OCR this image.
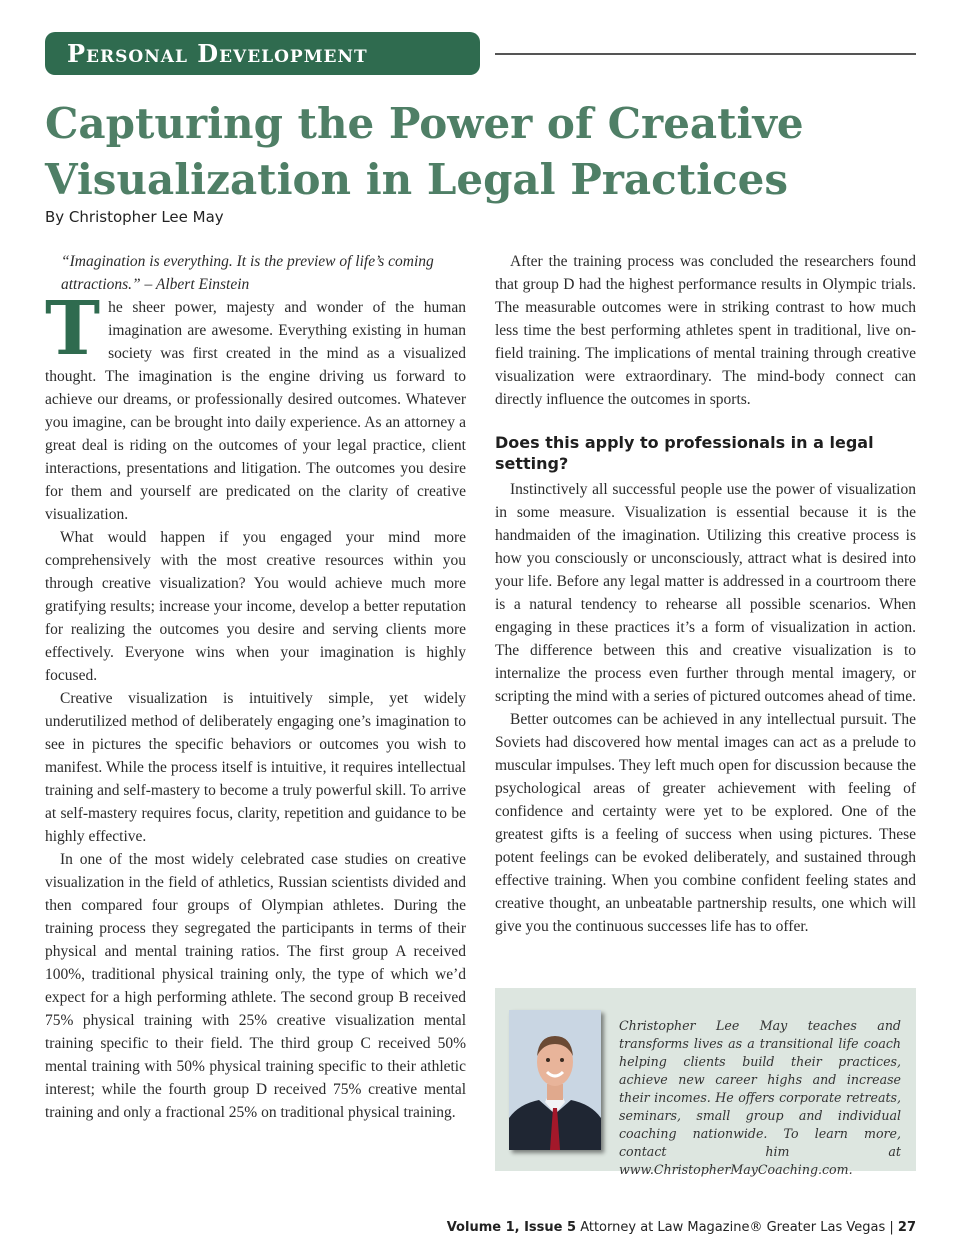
Personal Development
Capturing the Power of Creative Visualization in Legal Practices
By Christopher Lee May

“Imagination is everything. It is the preview of life’s coming attractions.” – Albert Einstein

The sheer power, majesty and wonder of the human imagination are awesome. Everything existing in human society was first created in the mind as a visualized thought. The imagination is the engine driving us forward to achieve our dreams, or professionally desired outcomes. Whatever you imagine, can be brought into daily experience. As an attorney a great deal is riding on the outcomes of your legal practice, client interactions, presentations and litigation. The outcomes you desire for them and yourself are predicated on the clarity of creative visualization.

What would happen if you engaged your mind more comprehensively with the most creative resources within you through creative visualization? You would achieve much more gratifying results; increase your income, develop a better reputation for realizing the outcomes you desire and serving clients more effectively. Everyone wins when your imagination is highly focused.

Creative visualization is intuitively simple, yet widely underutilized method of deliberately engaging one’s imagination to see in pictures the specific behaviors or outcomes you wish to manifest. While the process itself is intuitive, it requires intellectual training and self-mastery to become a truly powerful skill. To arrive at self-mastery requires focus, clarity, repetition and guidance to be highly effective.

In one of the most widely celebrated case studies on creative visualization in the field of athletics, Russian scientists divided and then compared four groups of Olympian athletes. During the training process they segregated the participants in terms of their physical and mental training ratios. The first group A received 100%, traditional physical training only, the type of which we’d expect for a high performing athlete. The second group B received 75% physical training with 25% creative visualization mental training specific to their field. The third group C received 50% mental training with 50% physical training specific to their athletic interest; while the fourth group D received 75% creative mental training and only a fractional 25% on traditional physical training.

After the training process was concluded the researchers found that group D had the highest performance results in Olympic trials. The measurable outcomes were in striking contrast to how much less time the best performing athletes spent in traditional, live on-field training. The implications of mental training through creative visualization were extraordinary. The mind-body connect can directly influence the outcomes in sports.

Does this apply to professionals in a legal setting?

Instinctively all successful people use the power of visualization in some measure. Visualization is essential because it is the handmaiden of the imagination. Utilizing this creative process is how you consciously or unconsciously, attract what is desired into your life. Before any legal matter is addressed in a courtroom there is a natural tendency to rehearse all possible scenarios. When engaging in these practices it’s a form of visualization in action. The difference between this and creative visualization is to internalize the process even further through mental imagery, or scripting the mind with a series of pictured outcomes ahead of time.

Better outcomes can be achieved in any intellectual pursuit. The Soviets had discovered how mental images can act as a prelude to muscular impulses. They left much open for discussion because the psychological areas of greater achievement with feeling of confidence and certainty were yet to be explored. One of the greatest gifts is a feeling of success when using pictures. These potent feelings can be evoked deliberately, and sustained through effective training. When you combine confident feeling states and creative thought, an unbeatable partnership results, one which will give you the continuous successes life has to offer.

Christopher Lee May teaches and transforms lives as a transitional life coach helping clients build their practices, achieve new career highs and increase their incomes. He offers corporate retreats, seminars, small group and individual coaching nationwide. To learn more, contact him at www.ChristopherMayCoaching.com.
Volume 1, Issue 5 Attorney at Law Magazine® Greater Las Vegas | 27
